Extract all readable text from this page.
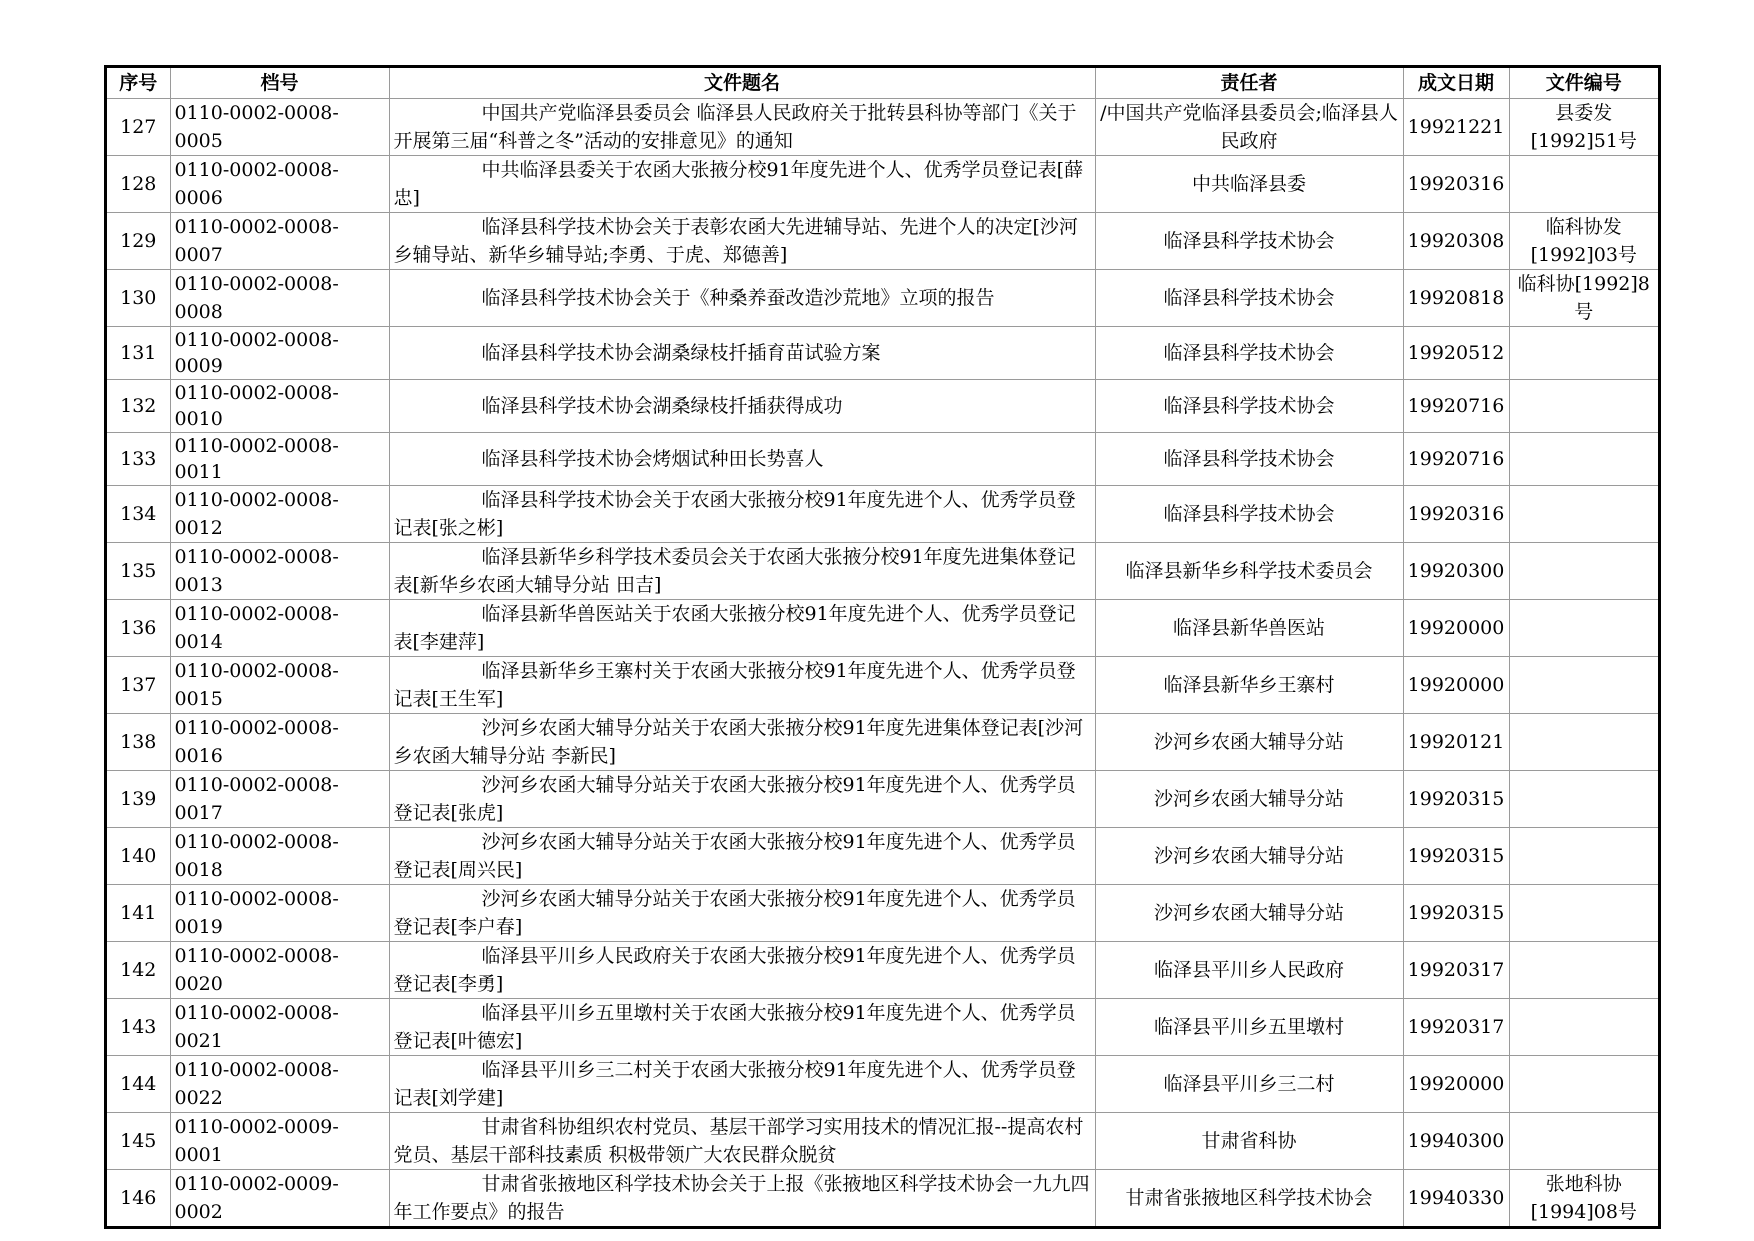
序号	档号	文件题名	责任者	成文日期	文件编号
127	0110-0002-0008-0005	中国共产党临泽县委员会 临泽县人民政府关于批转县科协等部门《关于开展第三届“科普之冬”活动的安排意见》的通知	/中国共产党临泽县委员会;临泽县人民政府	19921221	县委发[1992]51号
128	0110-0002-0008-0006	中共临泽县委关于农函大张掖分校91年度先进个人、优秀学员登记表[薛忠]	中共临泽县委	19920316	
129	0110-0002-0008-0007	临泽县科学技术协会关于表彰农函大先进辅导站、先进个人的决定[沙河乡辅导站、新华乡辅导站;李勇、于虎、郑德善]	临泽县科学技术协会	19920308	临科协发[1992]03号
130	0110-0002-0008-0008	临泽县科学技术协会关于《种桑养蚕改造沙荒地》立项的报告	临泽县科学技术协会	19920818	临科协[1992]8号
131	0110-0002-0008-0009	临泽县科学技术协会湖桑绿枝扦插育苗试验方案	临泽县科学技术协会	19920512	
132	0110-0002-0008-0010	临泽县科学技术协会湖桑绿枝扦插获得成功	临泽县科学技术协会	19920716	
133	0110-0002-0008-0011	临泽县科学技术协会烤烟试种田长势喜人	临泽县科学技术协会	19920716	
134	0110-0002-0008-0012	临泽县科学技术协会关于农函大张掖分校91年度先进个人、优秀学员登记表[张之彬]	临泽县科学技术协会	19920316	
135	0110-0002-0008-0013	临泽县新华乡科学技术委员会关于农函大张掖分校91年度先进集体登记表[新华乡农函大辅导分站 田吉]	临泽县新华乡科学技术委员会	19920300	
136	0110-0002-0008-0014	临泽县新华兽医站关于农函大张掖分校91年度先进个人、优秀学员登记表[李建萍]	临泽县新华兽医站	19920000	
137	0110-0002-0008-0015	临泽县新华乡王寨村关于农函大张掖分校91年度先进个人、优秀学员登记表[王生军]	临泽县新华乡王寨村	19920000	
138	0110-0002-0008-0016	沙河乡农函大辅导分站关于农函大张掖分校91年度先进集体登记表[沙河乡农函大辅导分站 李新民]	沙河乡农函大辅导分站	19920121	
139	0110-0002-0008-0017	沙河乡农函大辅导分站关于农函大张掖分校91年度先进个人、优秀学员登记表[张虎]	沙河乡农函大辅导分站	19920315	
140	0110-0002-0008-0018	沙河乡农函大辅导分站关于农函大张掖分校91年度先进个人、优秀学员登记表[周兴民]	沙河乡农函大辅导分站	19920315	
141	0110-0002-0008-0019	沙河乡农函大辅导分站关于农函大张掖分校91年度先进个人、优秀学员登记表[李户春]	沙河乡农函大辅导分站	19920315	
142	0110-0002-0008-0020	临泽县平川乡人民政府关于农函大张掖分校91年度先进个人、优秀学员登记表[李勇]	临泽县平川乡人民政府	19920317	
143	0110-0002-0008-0021	临泽县平川乡五里墩村关于农函大张掖分校91年度先进个人、优秀学员登记表[叶德宏]	临泽县平川乡五里墩村	19920317	
144	0110-0002-0008-0022	临泽县平川乡三二村关于农函大张掖分校91年度先进个人、优秀学员登记表[刘学建]	临泽县平川乡三二村	19920000	
145	0110-0002-0009-0001	甘肃省科协组织农村党员、基层干部学习实用技术的情况汇报--提高农村党员、基层干部科技素质 积极带领广大农民群众脱贫	甘肃省科协	19940300	
146	0110-0002-0009-0002	甘肃省张掖地区科学技术协会关于上报《张掖地区科学技术协会一九九四年工作要点》的报告	甘肃省张掖地区科学技术协会	19940330	张地科协[1994]08号
